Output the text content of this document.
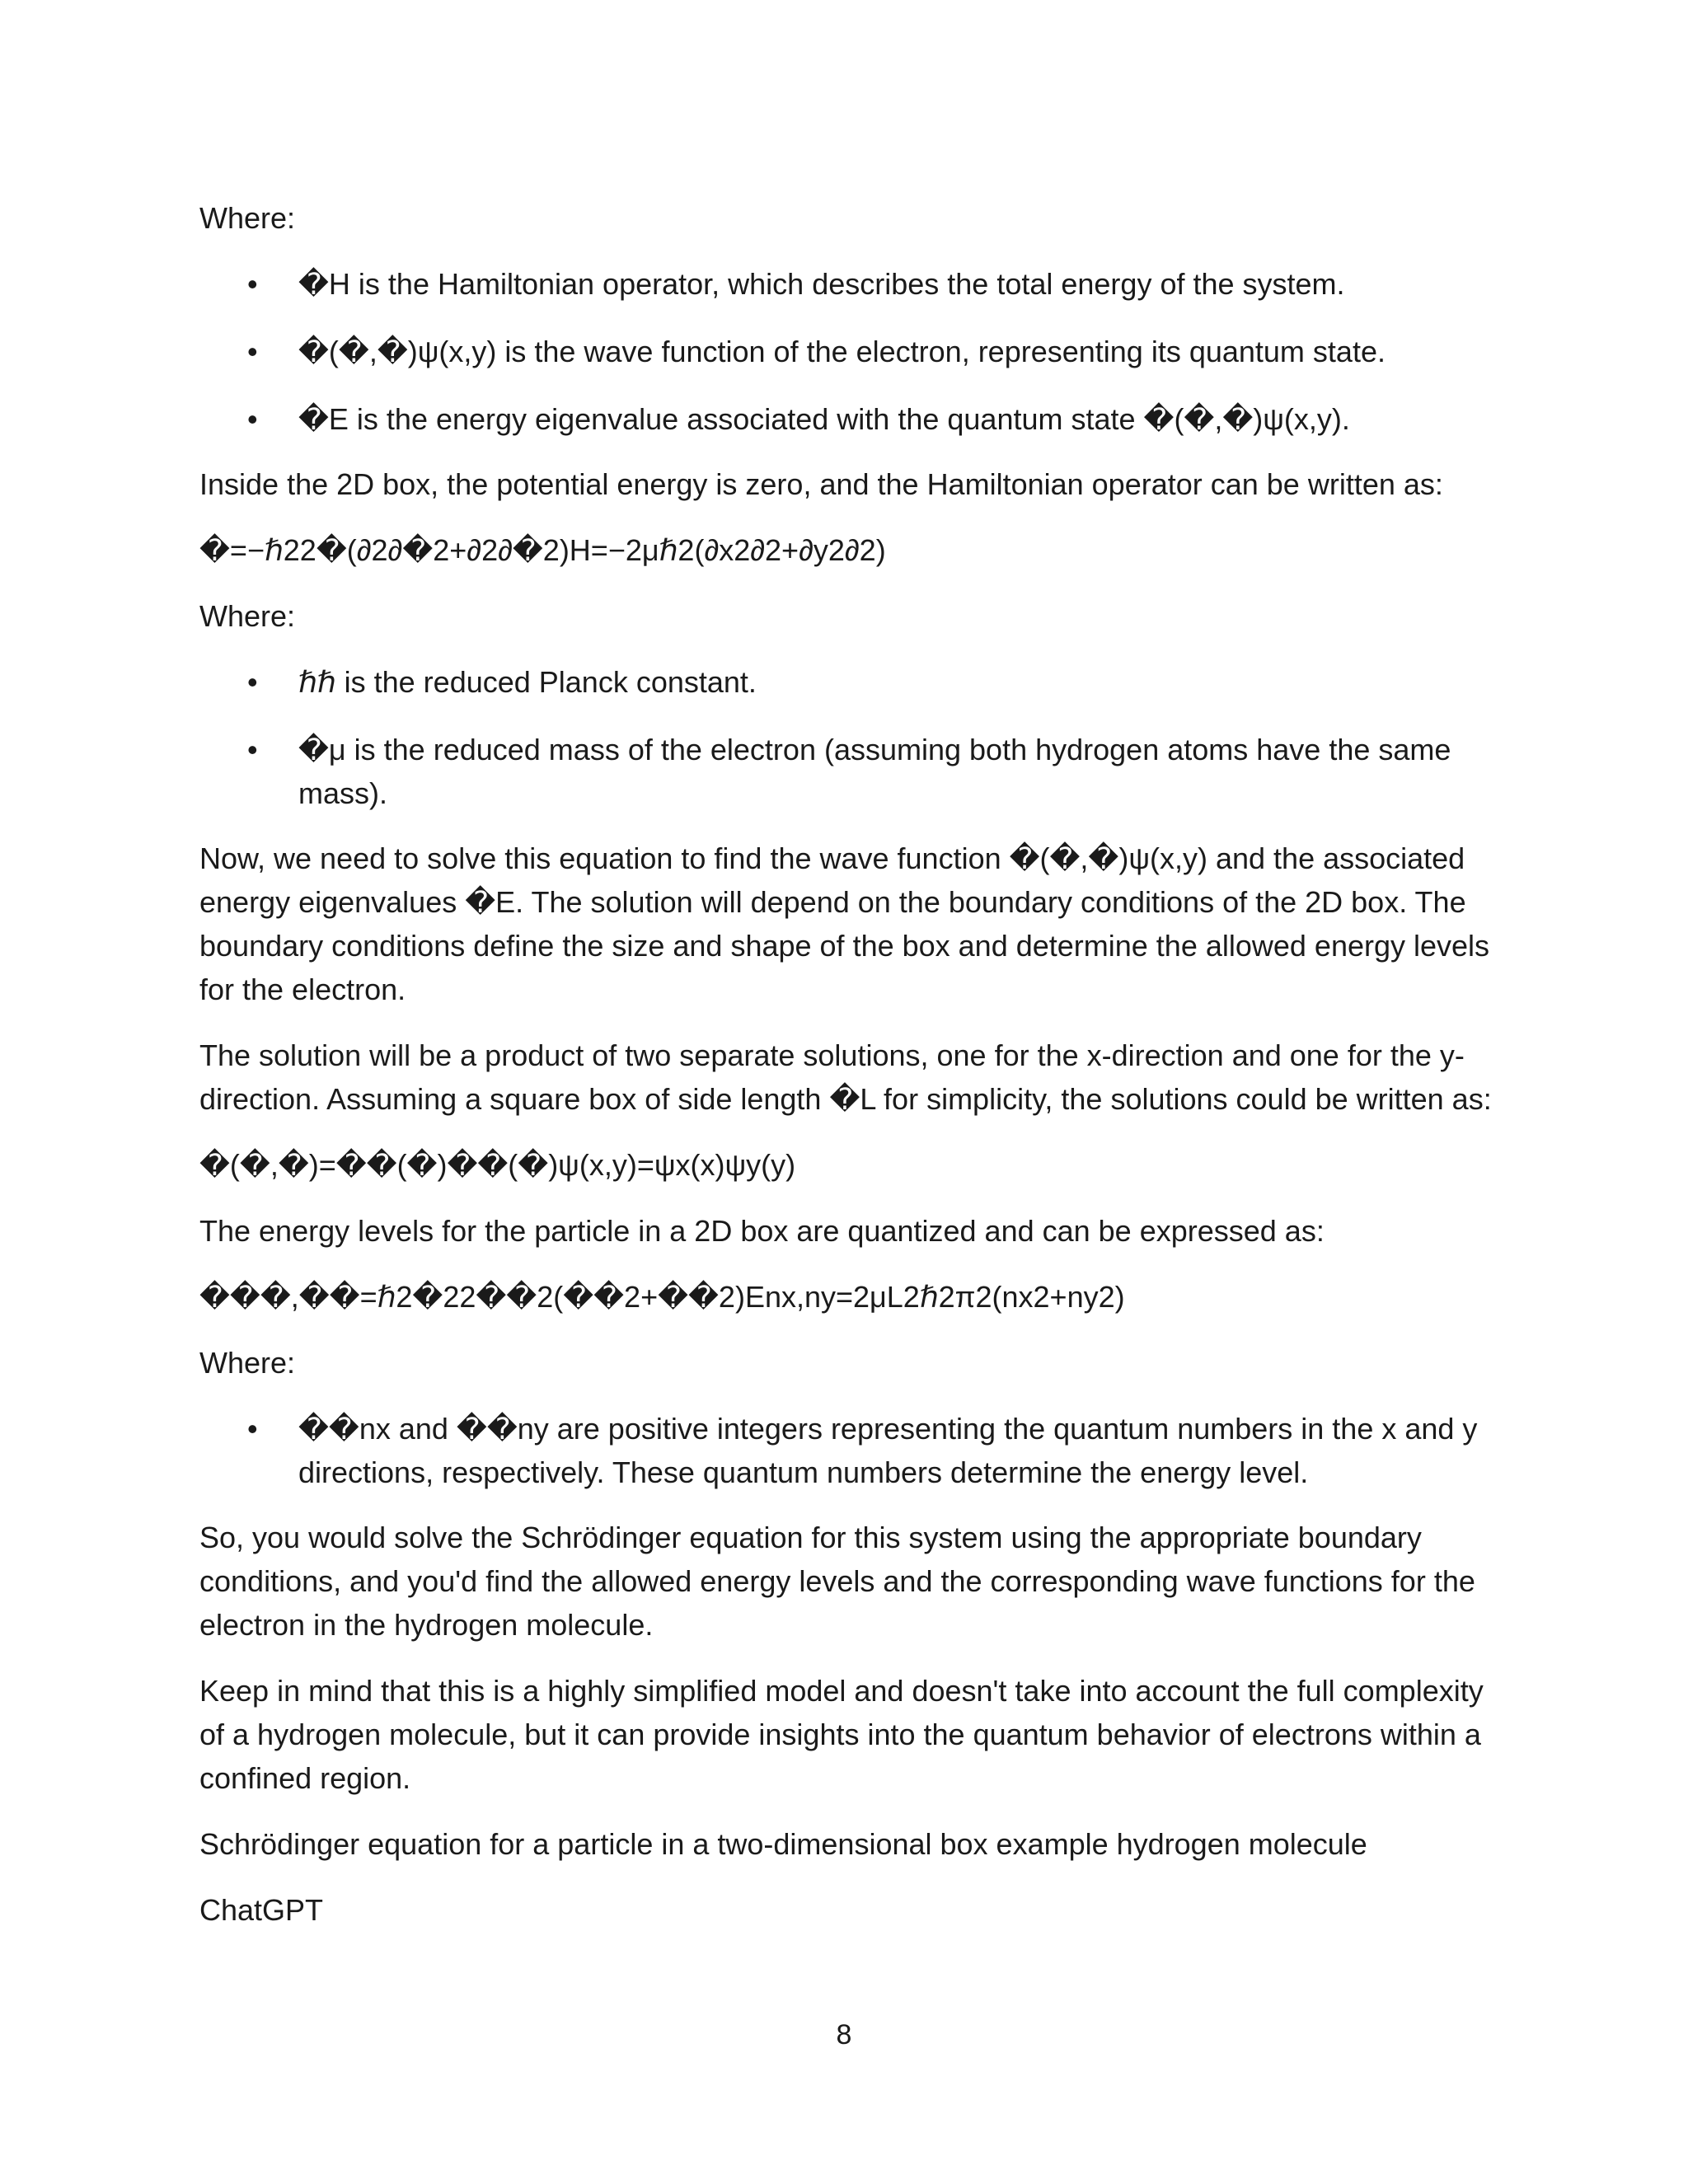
Where:

• �H is the Hamiltonian operator, which describes the total energy of the system.
• �(�,�)ψ(x,y) is the wave function of the electron, representing its quantum state.
• �E is the energy eigenvalue associated with the quantum state �(�,�)ψ(x,y).

Inside the 2D box, the potential energy is zero, and the Hamiltonian operator can be written as:

�=−ℏ22�(∂2∂�2+∂2∂�2)H=−2μℏ2(∂x2∂2+∂y2∂2)

Where:

• ℏℏ is the reduced Planck constant.
• �μ is the reduced mass of the electron (assuming both hydrogen atoms have the same mass).

Now, we need to solve this equation to find the wave function �(�,�)ψ(x,y) and the associated energy eigenvalues �E. The solution will depend on the boundary conditions of the 2D box. The boundary conditions define the size and shape of the box and determine the allowed energy levels for the electron.

The solution will be a product of two separate solutions, one for the x-direction and one for the y-direction. Assuming a square box of side length �L for simplicity, the solutions could be written as:

�(�,�)=��(�)��(�)ψ(x,y)=ψx(x)ψy(y)

The energy levels for the particle in a 2D box are quantized and can be expressed as:

���,��=ℏ2�22��2(��2+��2)Enx,ny=2μL2ℏ2π2(nx2+ny2)

Where:

• ��nx and ��ny are positive integers representing the quantum numbers in the x and y directions, respectively. These quantum numbers determine the energy level.

So, you would solve the Schrödinger equation for this system using the appropriate boundary conditions, and you'd find the allowed energy levels and the corresponding wave functions for the electron in the hydrogen molecule.

Keep in mind that this is a highly simplified model and doesn't take into account the full complexity of a hydrogen molecule, but it can provide insights into the quantum behavior of electrons within a confined region.

Schrödinger equation for a particle in a two-dimensional box example hydrogen molecule

ChatGPT

8
